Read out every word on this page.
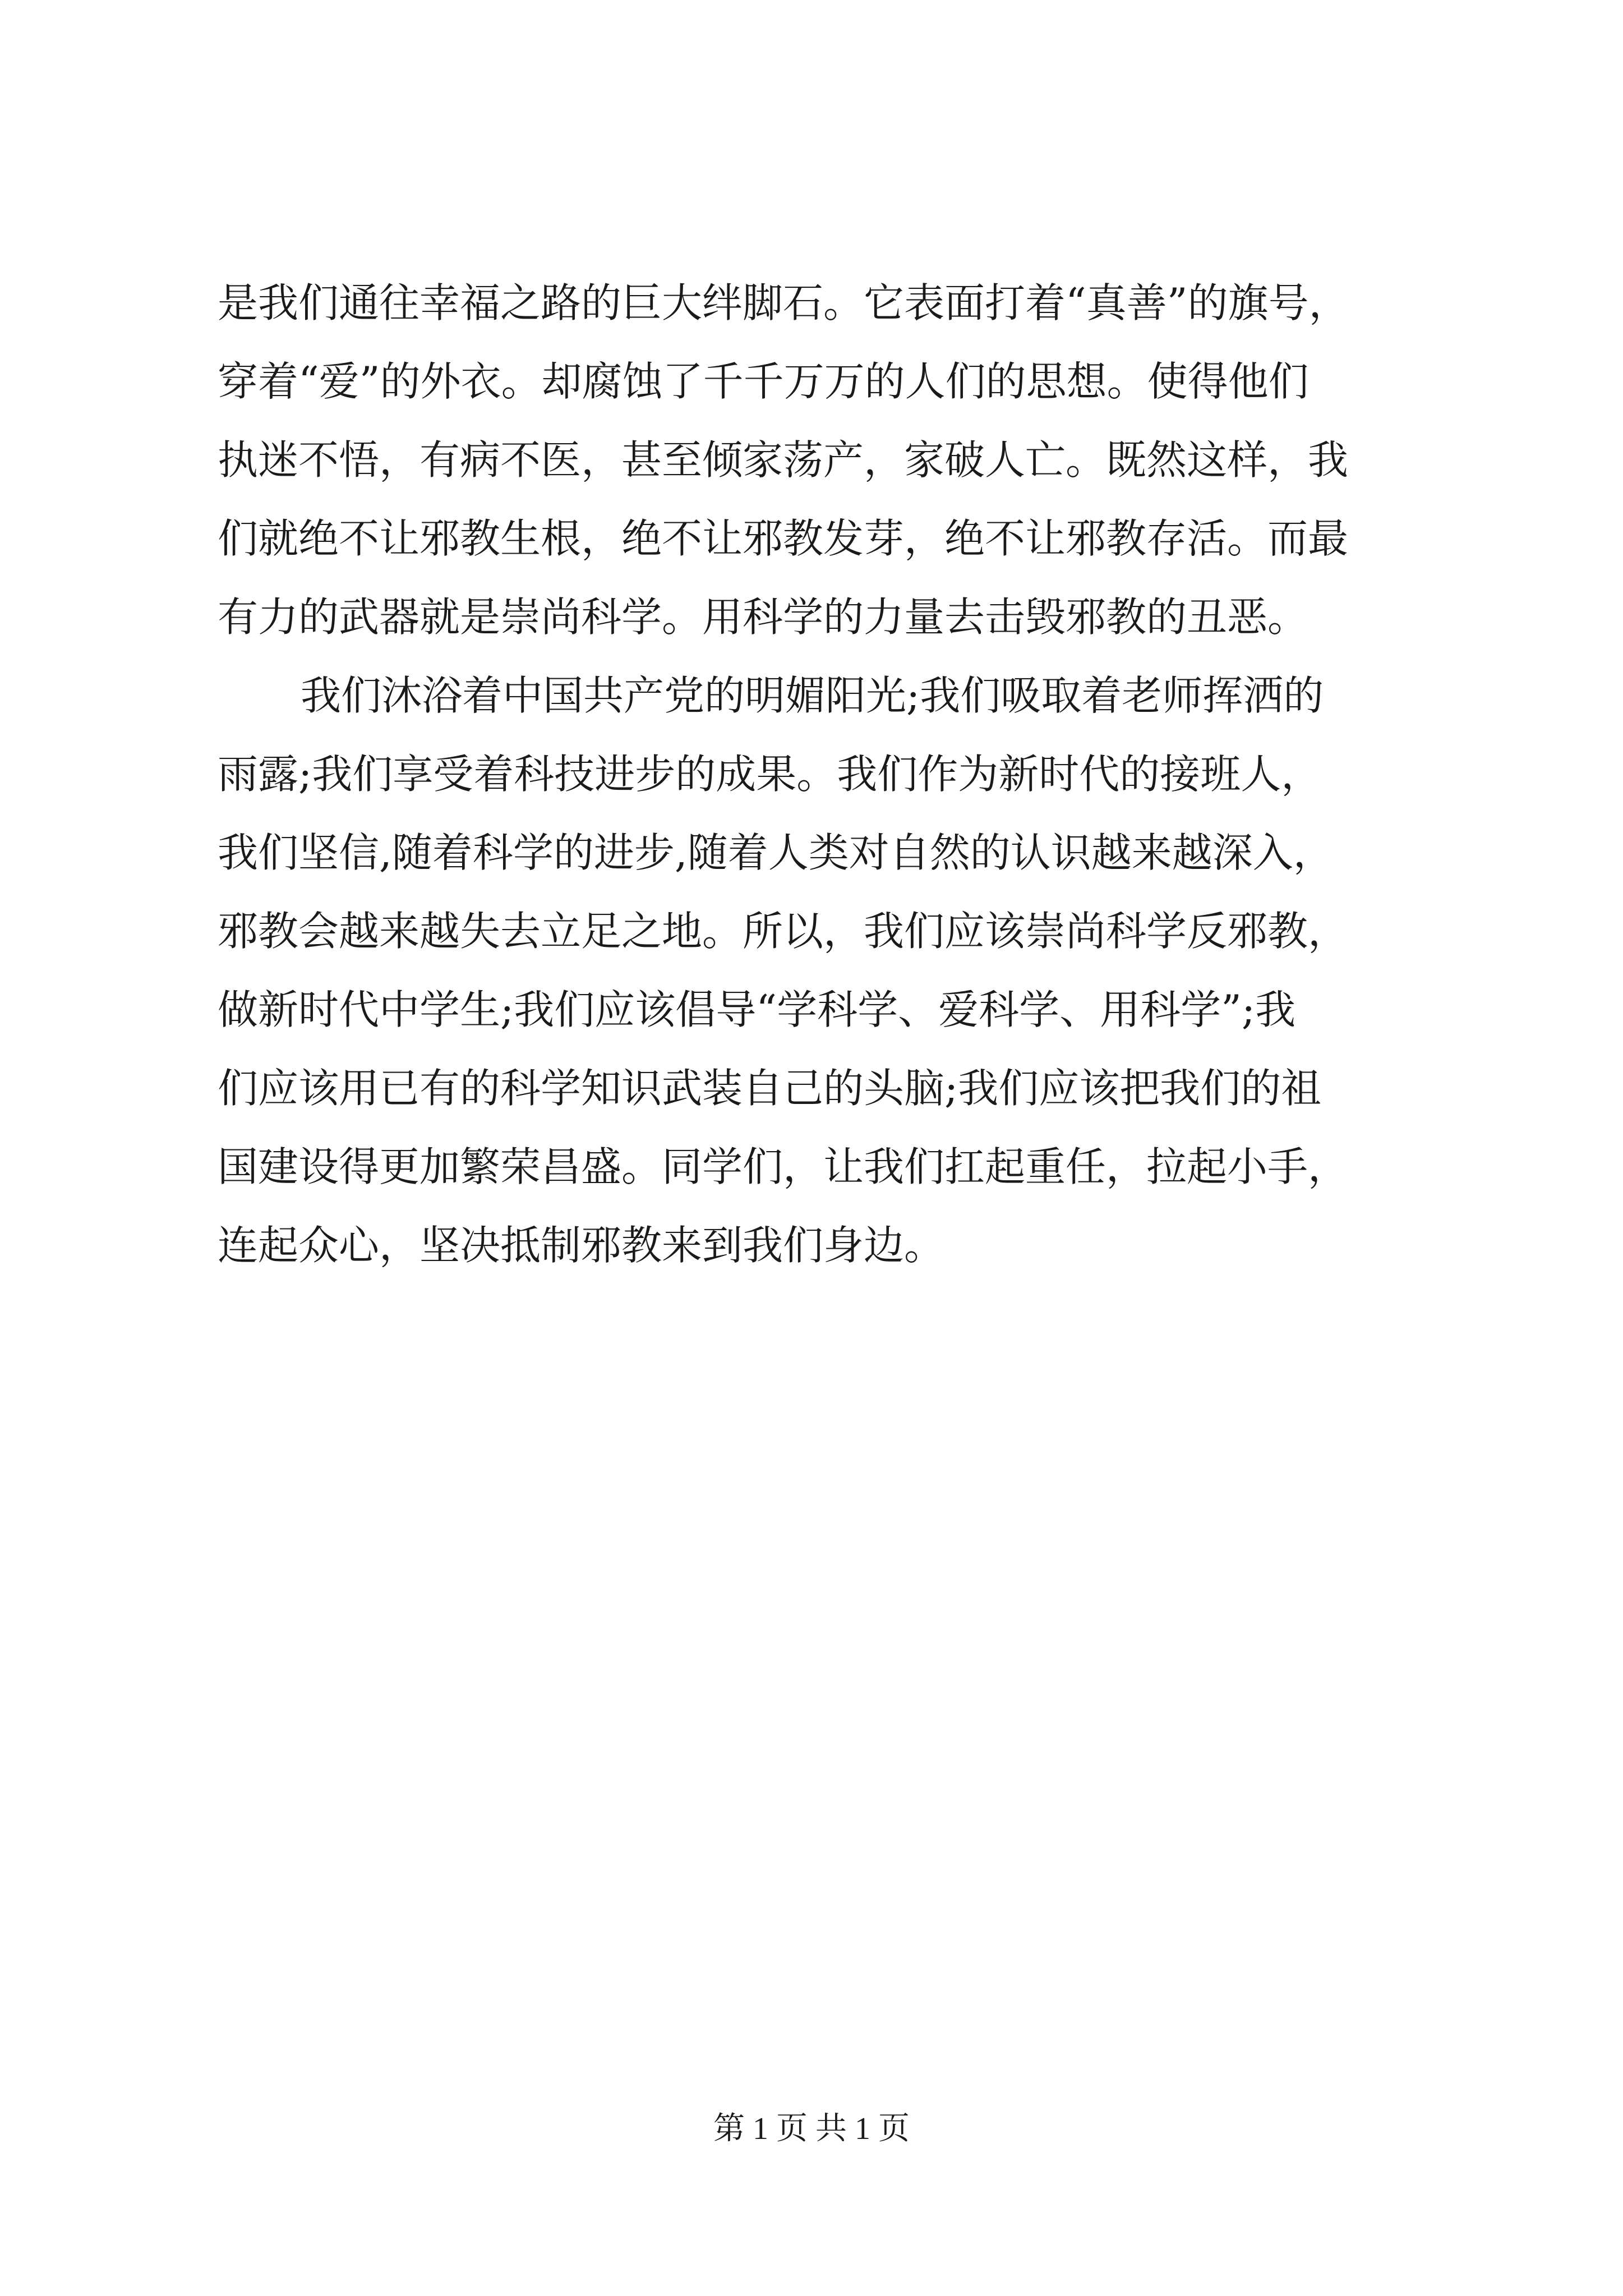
是我们通往幸福之路的巨大绊脚石。它表面打着“真善”的旗号，
穿着“爱”的外衣。却腐蚀了千千万万的人们的思想。使得他们
执迷不悟，有病不医，甚至倾家荡产，家破人亡。既然这样，我
们就绝不让邪教生根，绝不让邪教发芽，绝不让邪教存活。而最
有力的武器就是崇尚科学。用科学的力量去击毁邪教的丑恶。
我们沐浴着中国共产党的明媚阳光;我们吸取着老师挥洒的
雨露;我们享受着科技进步的成果。我们作为新时代的接班人，
我们坚信,随着科学的进步,随着人类对自然的认识越来越深入，
邪教会越来越失去立足之地。所以，我们应该崇尚科学反邪教，
做新时代中学生;我们应该倡导“学科学、爱科学、用科学”;我
们应该用已有的科学知识武装自己的头脑;我们应该把我们的祖
国建设得更加繁荣昌盛。同学们，让我们扛起重任，拉起小手，
连起众心，坚决抵制邪教来到我们身边。
第 1 页 共 1 页
